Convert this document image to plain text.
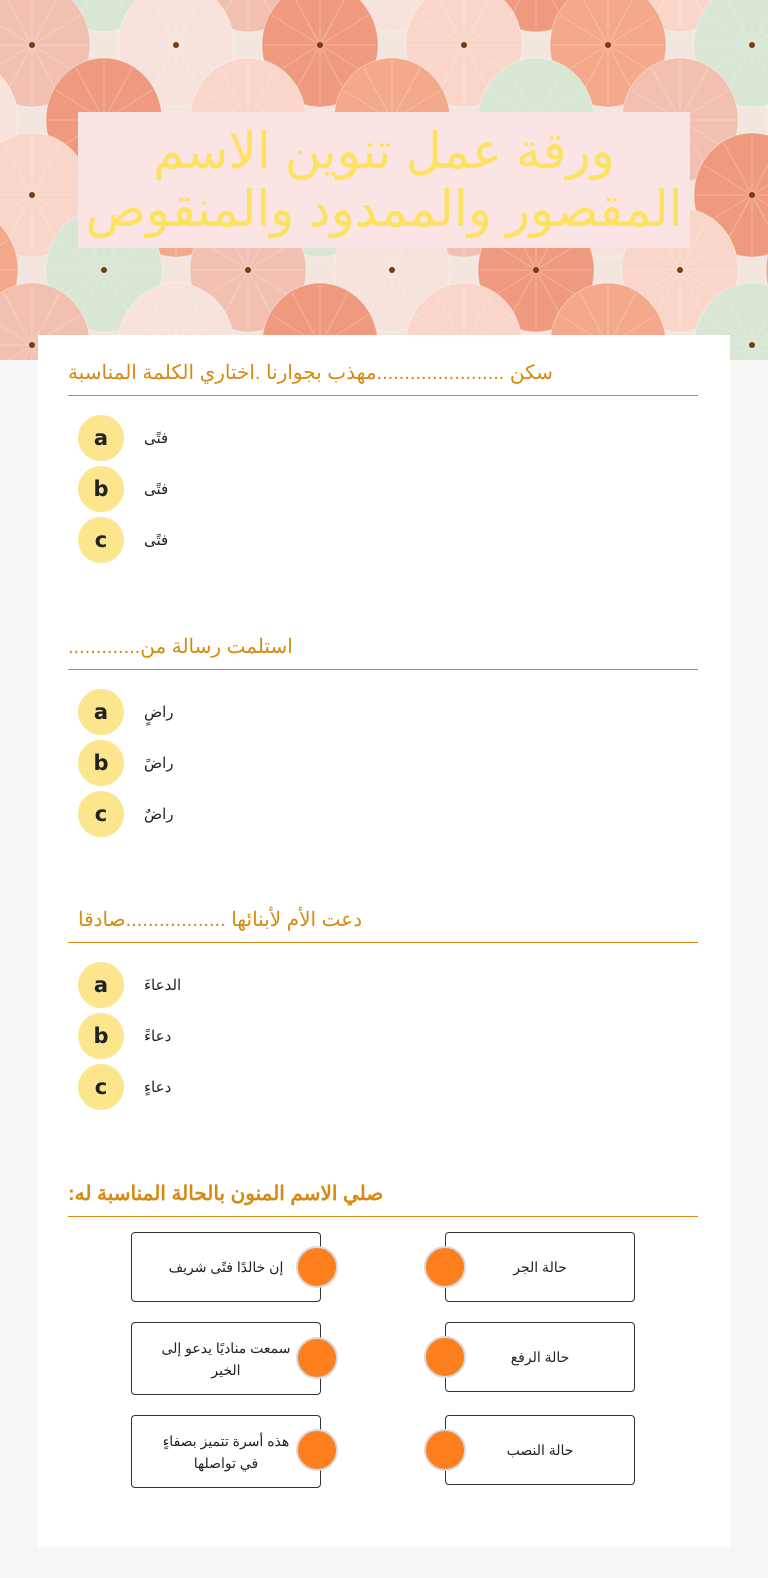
ورقة عمل تنوين الاسم
المقصور والممدود والمنقوص
سكن .......................مهذب بجوارنا .اختاري الكلمة المناسبة
a	فتًى
b	فتًى
c	فتًى
استلمت رسالة من.............
a	راضٍ
b	راضً
c	راضٌ
دعت الأم لأبنائها ..................صادقا
a	الدعاءَ
b	دعاءً
c	دعاءٍ
صلي الاسم المنون بالحالة المناسبة له:
إن خالدًا فتًى شريف
سمعت مناديًا يدعو إلى الخير
هذه أسرة تتميز بصفاءٍ في تواصلها
حالة الجر
حالة الرفع
حالة النصب
